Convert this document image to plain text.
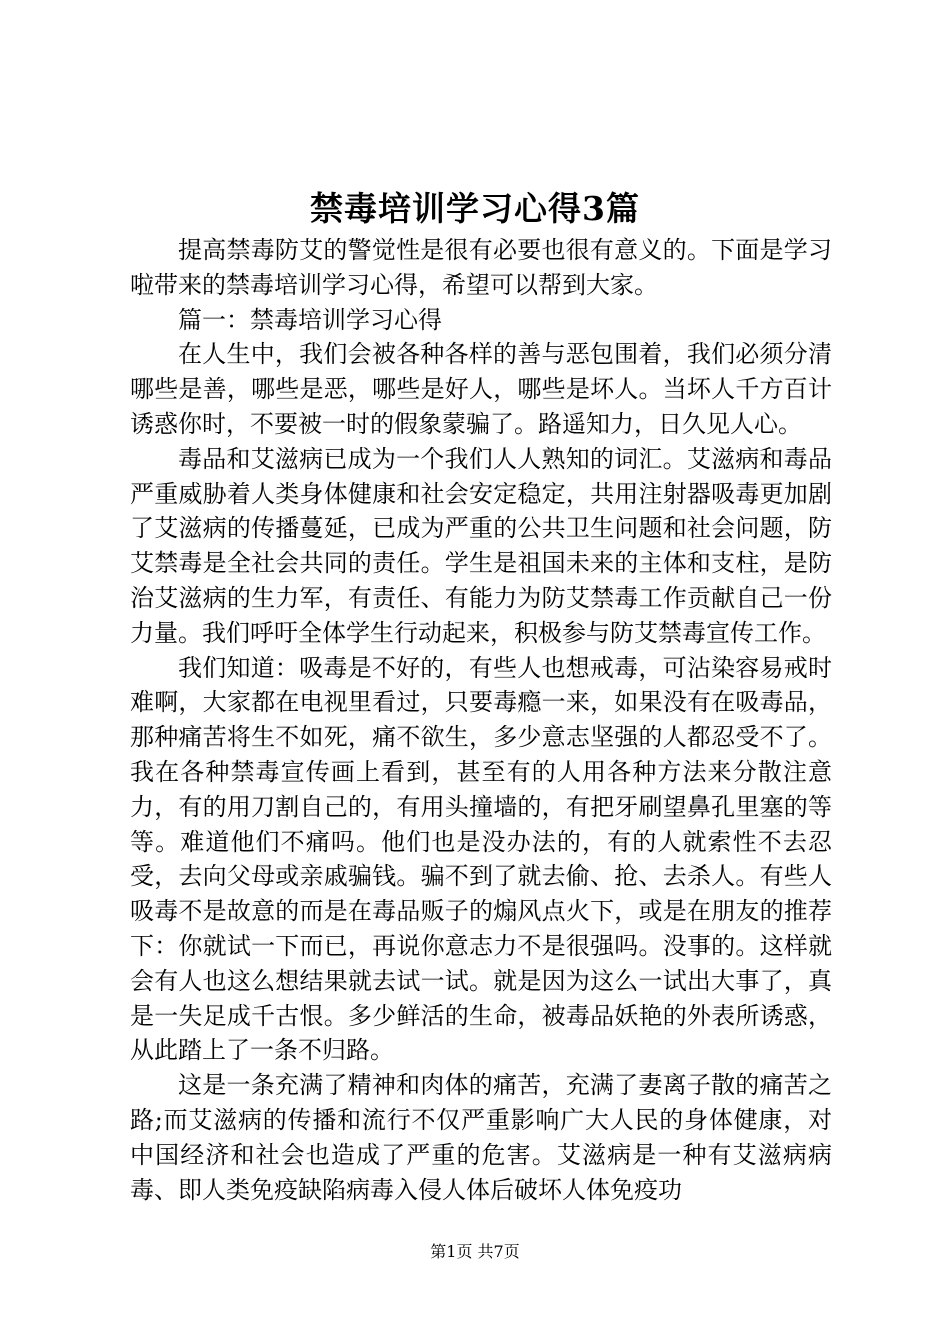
禁毒培训学习心得3篇

提高禁毒防艾的警觉性是很有必要也很有意义的。下面是学习啦带来的禁毒培训学习心得，希望可以帮到大家。

篇一：禁毒培训学习心得

在人生中，我们会被各种各样的善与恶包围着，我们必须分清哪些是善，哪些是恶，哪些是好人，哪些是坏人。当坏人千方百计诱惑你时，不要被一时的假象蒙骗了。路遥知力，日久见人心。

毒品和艾滋病已成为一个我们人人熟知的词汇。艾滋病和毒品严重威胁着人类身体健康和社会安定稳定，共用注射器吸毒更加剧了艾滋病的传播蔓延，已成为严重的公共卫生问题和社会问题，防艾禁毒是全社会共同的责任。学生是祖国未来的主体和支柱，是防治艾滋病的生力军，有责任、有能力为防艾禁毒工作贡献自己一份力量。我们呼吁全体学生行动起来，积极参与防艾禁毒宣传工作。

我们知道：吸毒是不好的，有些人也想戒毒，可沾染容易戒时难啊，大家都在电视里看过，只要毒瘾一来，如果没有在吸毒品，那种痛苦将生不如死，痛不欲生，多少意志坚强的人都忍受不了。我在各种禁毒宣传画上看到，甚至有的人用各种方法来分散注意力，有的用刀割自己的，有用头撞墙的，有把牙刷望鼻孔里塞的等等。难道他们不痛吗。他们也是没办法的，有的人就索性不去忍受，去向父母或亲戚骗钱。骗不到了就去偷、抢、去杀人。有些人吸毒不是故意的而是在毒品贩子的煽风点火下，或是在朋友的推荐下：你就试一下而已，再说你意志力不是很强吗。没事的。这样就会有人也这么想结果就去试一试。就是因为这么一试出大事了，真是一失足成千古恨。多少鲜活的生命，被毒品妖艳的外表所诱惑，从此踏上了一条不归路。

这是一条充满了精神和肉体的痛苦，充满了妻离子散的痛苦之路;而艾滋病的传播和流行不仅严重影响广大人民的身体健康，对中国经济和社会也造成了严重的危害。艾滋病是一种有艾滋病病毒、即人类免疫缺陷病毒入侵人体后破坏人体免疫功

第1页 共7页
